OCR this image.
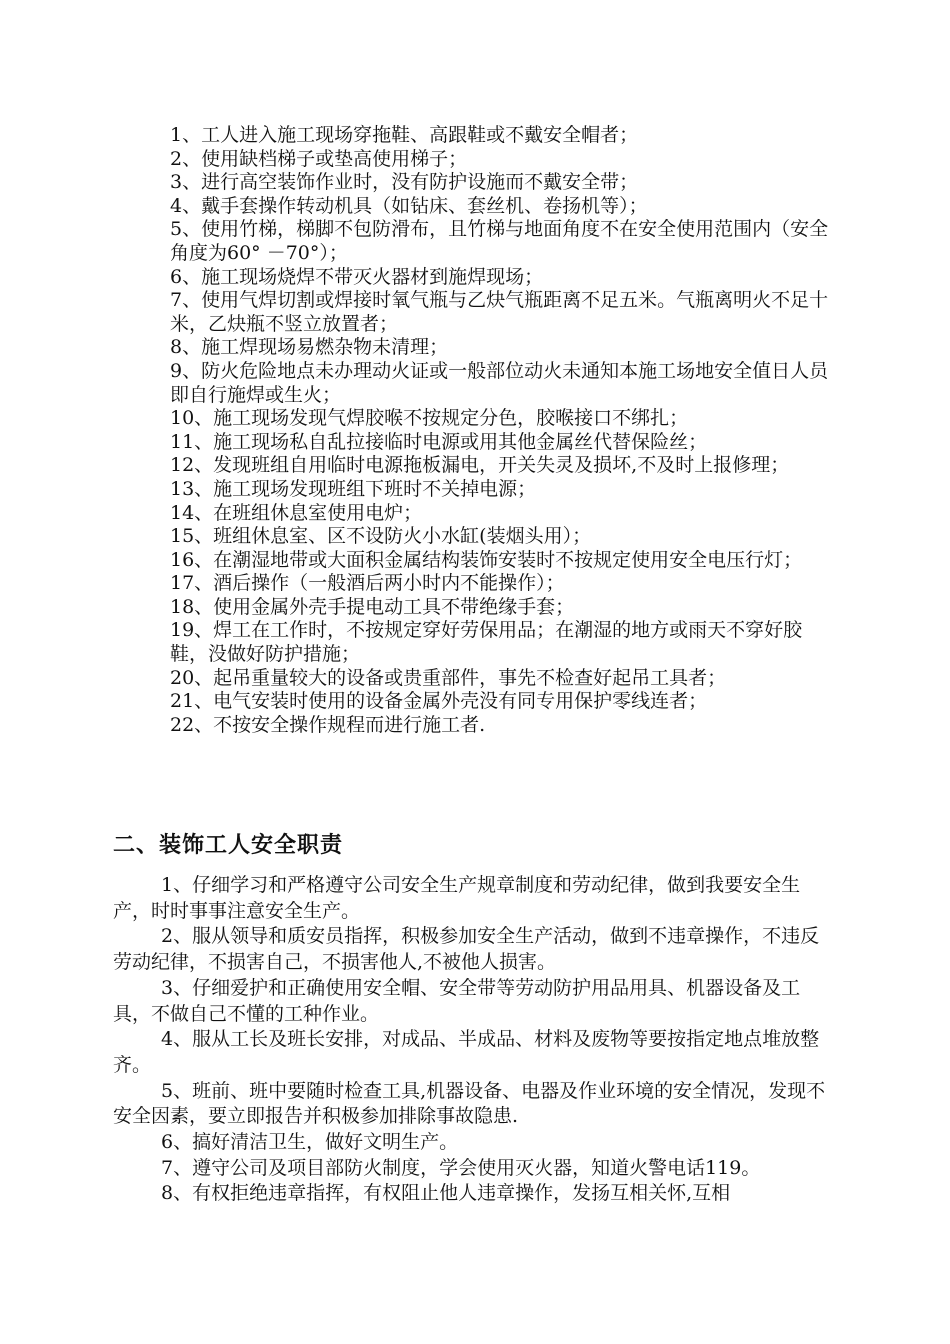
1、工人进入施工现场穿拖鞋、高跟鞋或不戴安全帽者；
2、使用缺档梯子或垫高使用梯子；
3、进行高空装饰作业时，没有防护设施而不戴安全带；
4、戴手套操作转动机具（如钻床、套丝机、卷扬机等）；
5、使用竹梯，梯脚不包防滑布，且竹梯与地面角度不在安全使用范围内（安全角度为60° －70°）；
6、施工现场烧焊不带灭火器材到施焊现场；
7、使用气焊切割或焊接时氧气瓶与乙炔气瓶距离不足五米。气瓶离明火不足十米，乙炔瓶不竖立放置者；
8、施工焊现场易燃杂物未清理；
9、防火危险地点未办理动火证或一般部位动火未通知本施工场地安全值日人员即自行施焊或生火；
10、施工现场发现气焊胶喉不按规定分色，胶喉接口不绑扎；
11、施工现场私自乱拉接临时电源或用其他金属丝代替保险丝；
12、发现班组自用临时电源拖板漏电，开关失灵及损坏,不及时上报修理；
13、施工现场发现班组下班时不关掉电源；
14、在班组休息室使用电炉；
15、班组休息室、区不设防火小水缸(装烟头用）；
16、在潮湿地带或大面积金属结构装饰安装时不按规定使用安全电压行灯；
17、酒后操作（一般酒后两小时内不能操作）；
18、使用金属外壳手提电动工具不带绝缘手套；
19、焊工在工作时，不按规定穿好劳保用品；在潮湿的地方或雨天不穿好胶鞋，没做好防护措施；
20、起吊重量较大的设备或贵重部件，事先不检查好起吊工具者；
21、电气安装时使用的设备金属外壳没有同专用保护零线连者；
22、不按安全操作规程而进行施工者.
二、装饰工人安全职责

1、仔细学习和严格遵守公司安全生产规章制度和劳动纪律，做到我要安全生产，时时事事注意安全生产。

2、服从领导和质安员指挥，积极参加安全生产活动，做到不违章操作，不违反劳动纪律，不损害自己，不损害他人,不被他人损害。

3、仔细爱护和正确使用安全帽、安全带等劳动防护用品用具、机器设备及工具，不做自己不懂的工种作业。

4、服从工长及班长安排，对成品、半成品、材料及废物等要按指定地点堆放整齐。

5、班前、班中要随时检查工具,机器设备、电器及作业环境的安全情况，发现不安全因素，要立即报告并积极参加排除事故隐患.

6、搞好清洁卫生，做好文明生产。

7、遵守公司及项目部防火制度，学会使用灭火器，知道火警电话119。

8、有权拒绝违章指挥，有权阻止他人违章操作，发扬互相关怀,互相
